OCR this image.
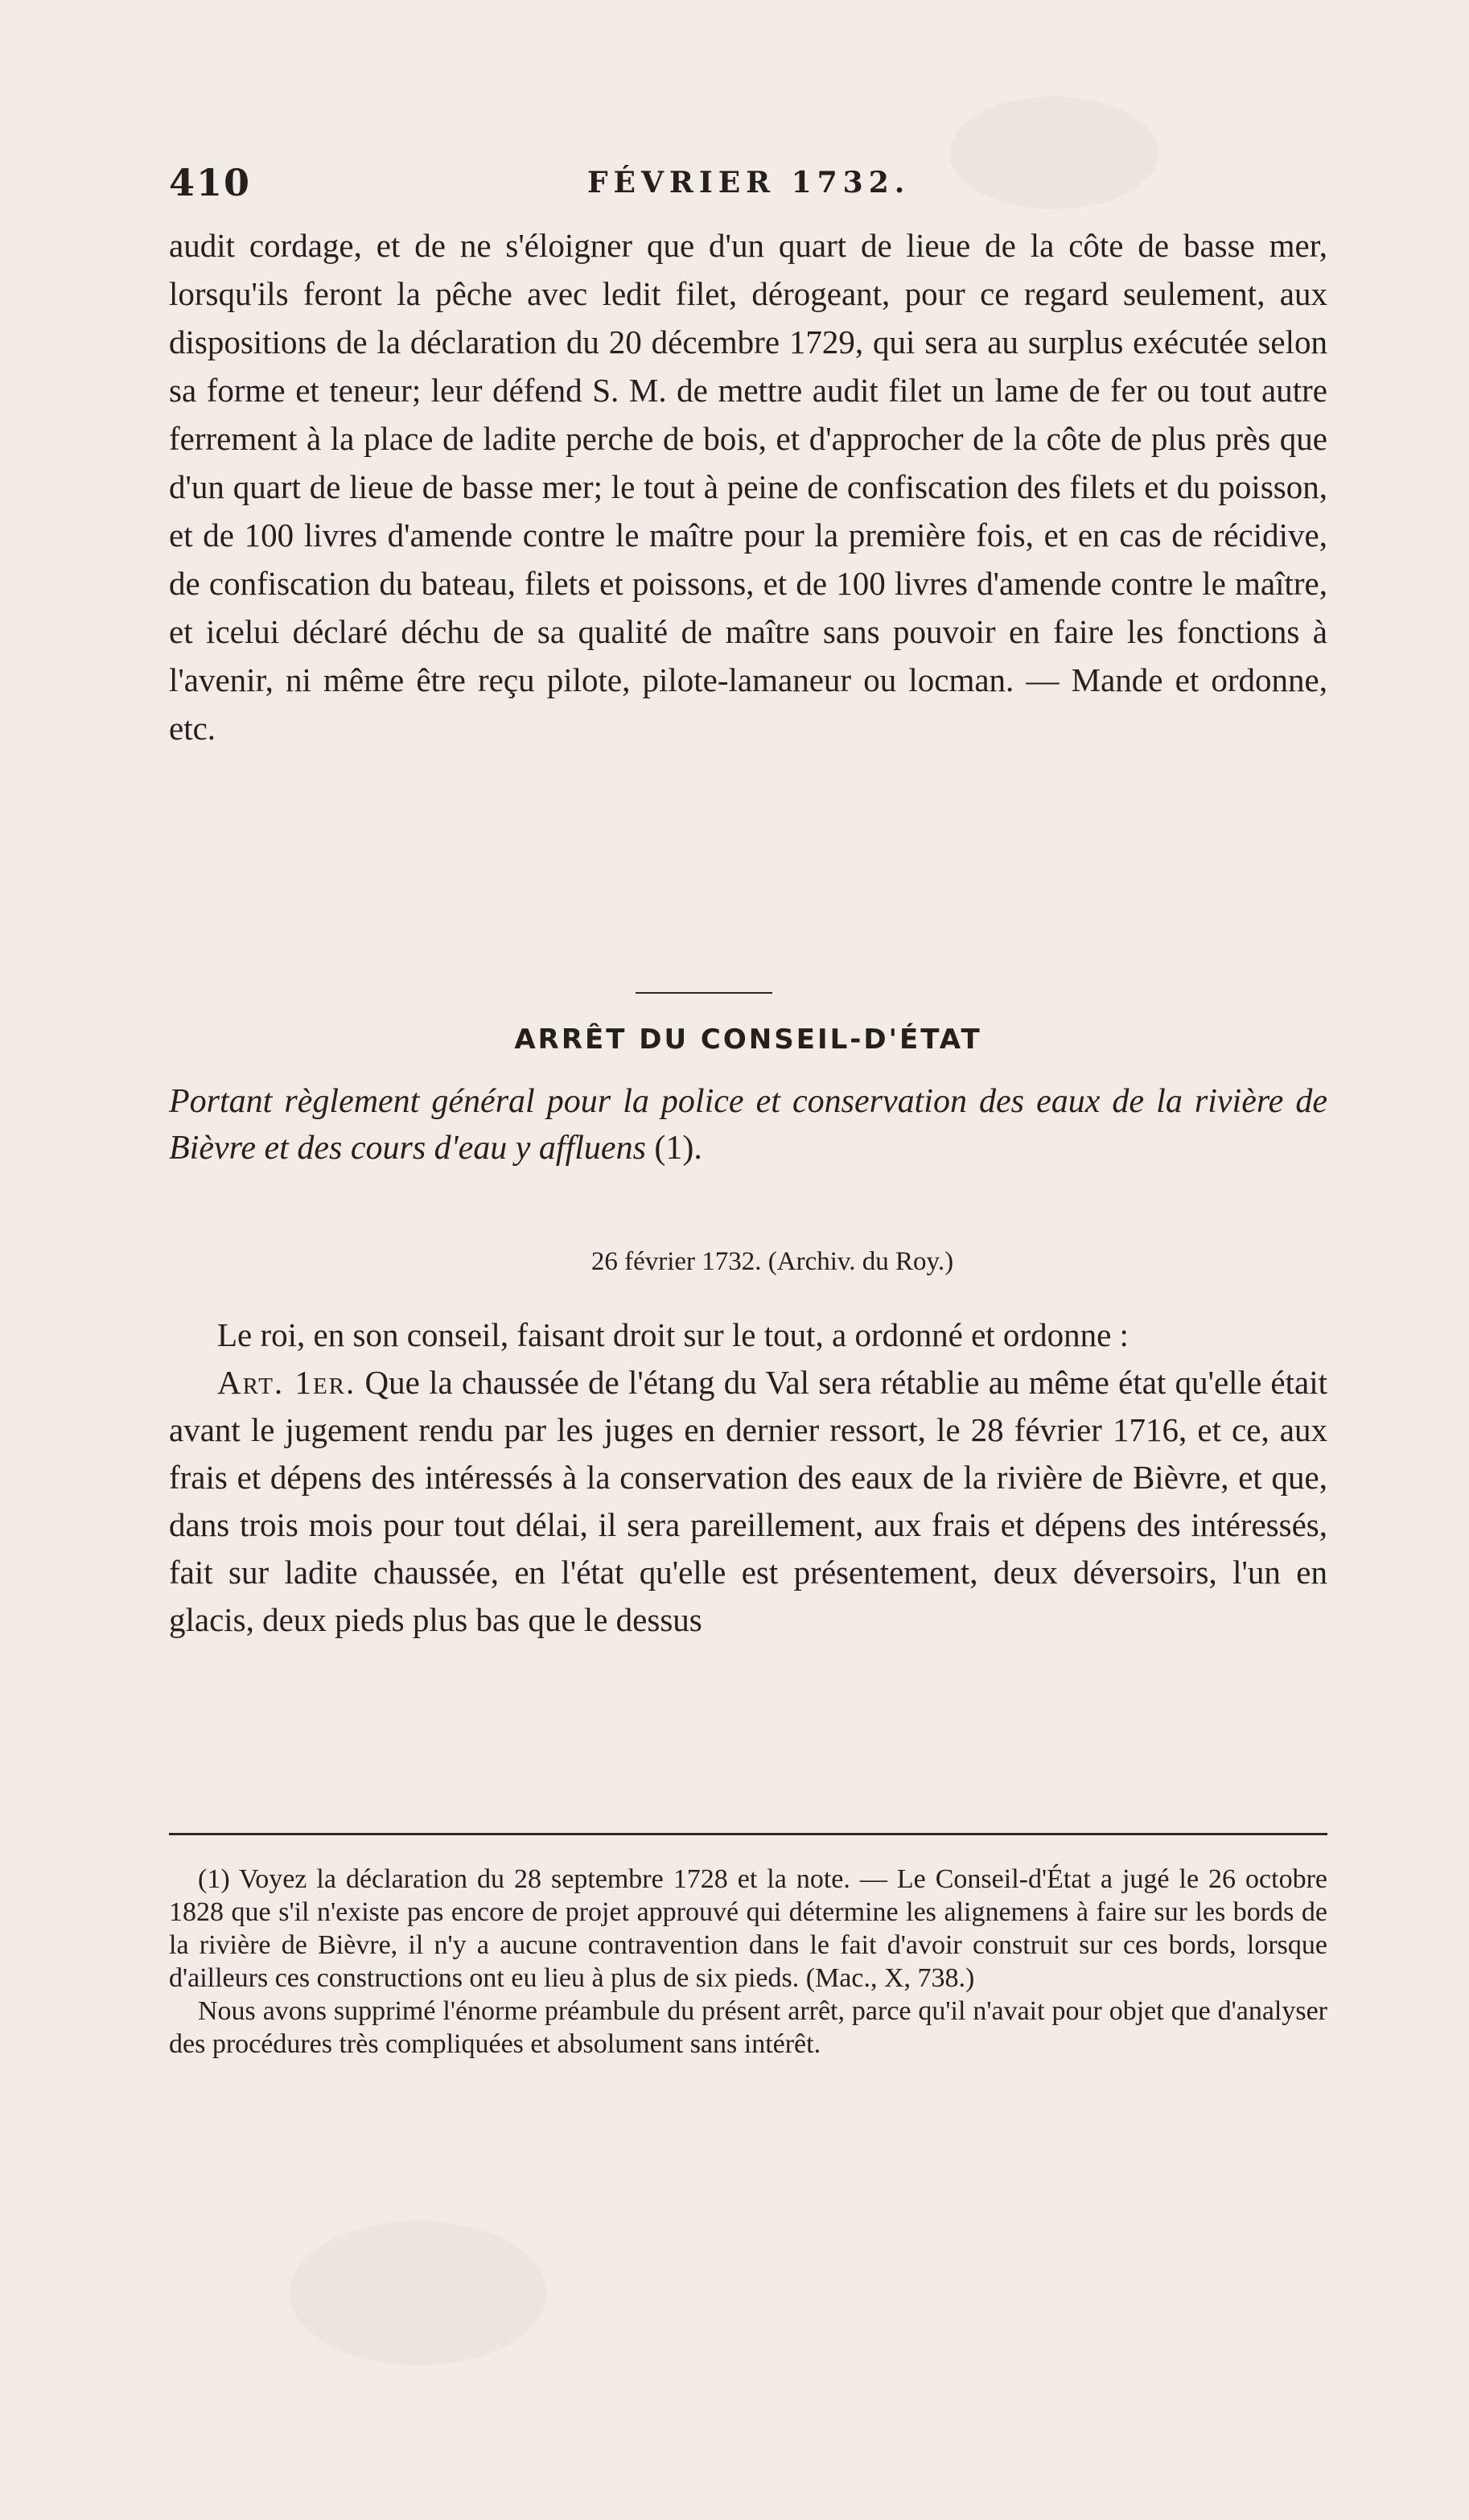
410	FÉVRIER 1732.

audit cordage, et de ne s'éloigner que d'un quart de lieue de la côte de basse mer, lorsqu'ils feront la pêche avec ledit filet, dérogeant, pour ce regard seulement, aux dispositions de la déclaration du 20 décembre 1729, qui sera au surplus exécutée selon sa forme et teneur; leur défend S. M. de mettre audit filet un lame de fer ou tout autre ferrement à la place de ladite perche de bois, et d'approcher de la côte de plus près que d'un quart de lieue de basse mer; le tout à peine de confiscation des filets et du poisson, et de 100 livres d'amende contre le maître pour la première fois, et en cas de récidive, de confiscation du bateau, filets et poissons, et de 100 livres d'amende contre le maître, et icelui déclaré déchu de sa qualité de maître sans pouvoir en faire les fonctions à l'avenir, ni même être reçu pilote, pilote-lamaneur ou locman. — Mande et ordonne, etc.

ARRÊT DU CONSEIL-D'ÉTAT
Portant règlement général pour la police et conservation des eaux de la rivière de Bièvre et des cours d'eau y affluens (1).
26 février 1732. (Archiv. du Roy.)

Le roi, en son conseil, faisant droit sur le tout, a ordonné et ordonne :

Art. 1er. Que la chaussée de l'étang du Val sera rétablie au même état qu'elle était avant le jugement rendu par les juges en dernier ressort, le 28 février 1716, et ce, aux frais et dépens des intéressés à la conservation des eaux de la rivière de Bièvre, et que, dans trois mois pour tout délai, il sera pareillement, aux frais et dépens des intéressés, fait sur ladite chaussée, en l'état qu'elle est présentement, deux déversoirs, l'un en glacis, deux pieds plus bas que le dessus

(1) Voyez la déclaration du 28 septembre 1728 et la note. — Le Conseil-d'État a jugé le 26 octobre 1828 que s'il n'existe pas encore de projet approuvé qui détermine les alignemens à faire sur les bords de la rivière de Bièvre, il n'y a aucune contravention dans le fait d'avoir construit sur ces bords, lorsque d'ailleurs ces constructions ont eu lieu à plus de six pieds. (Mac., X, 738.)

Nous avons supprimé l'énorme préambule du présent arrêt, parce qu'il n'avait pour objet que d'analyser des procédures très compliquées et absolument sans intérêt.
